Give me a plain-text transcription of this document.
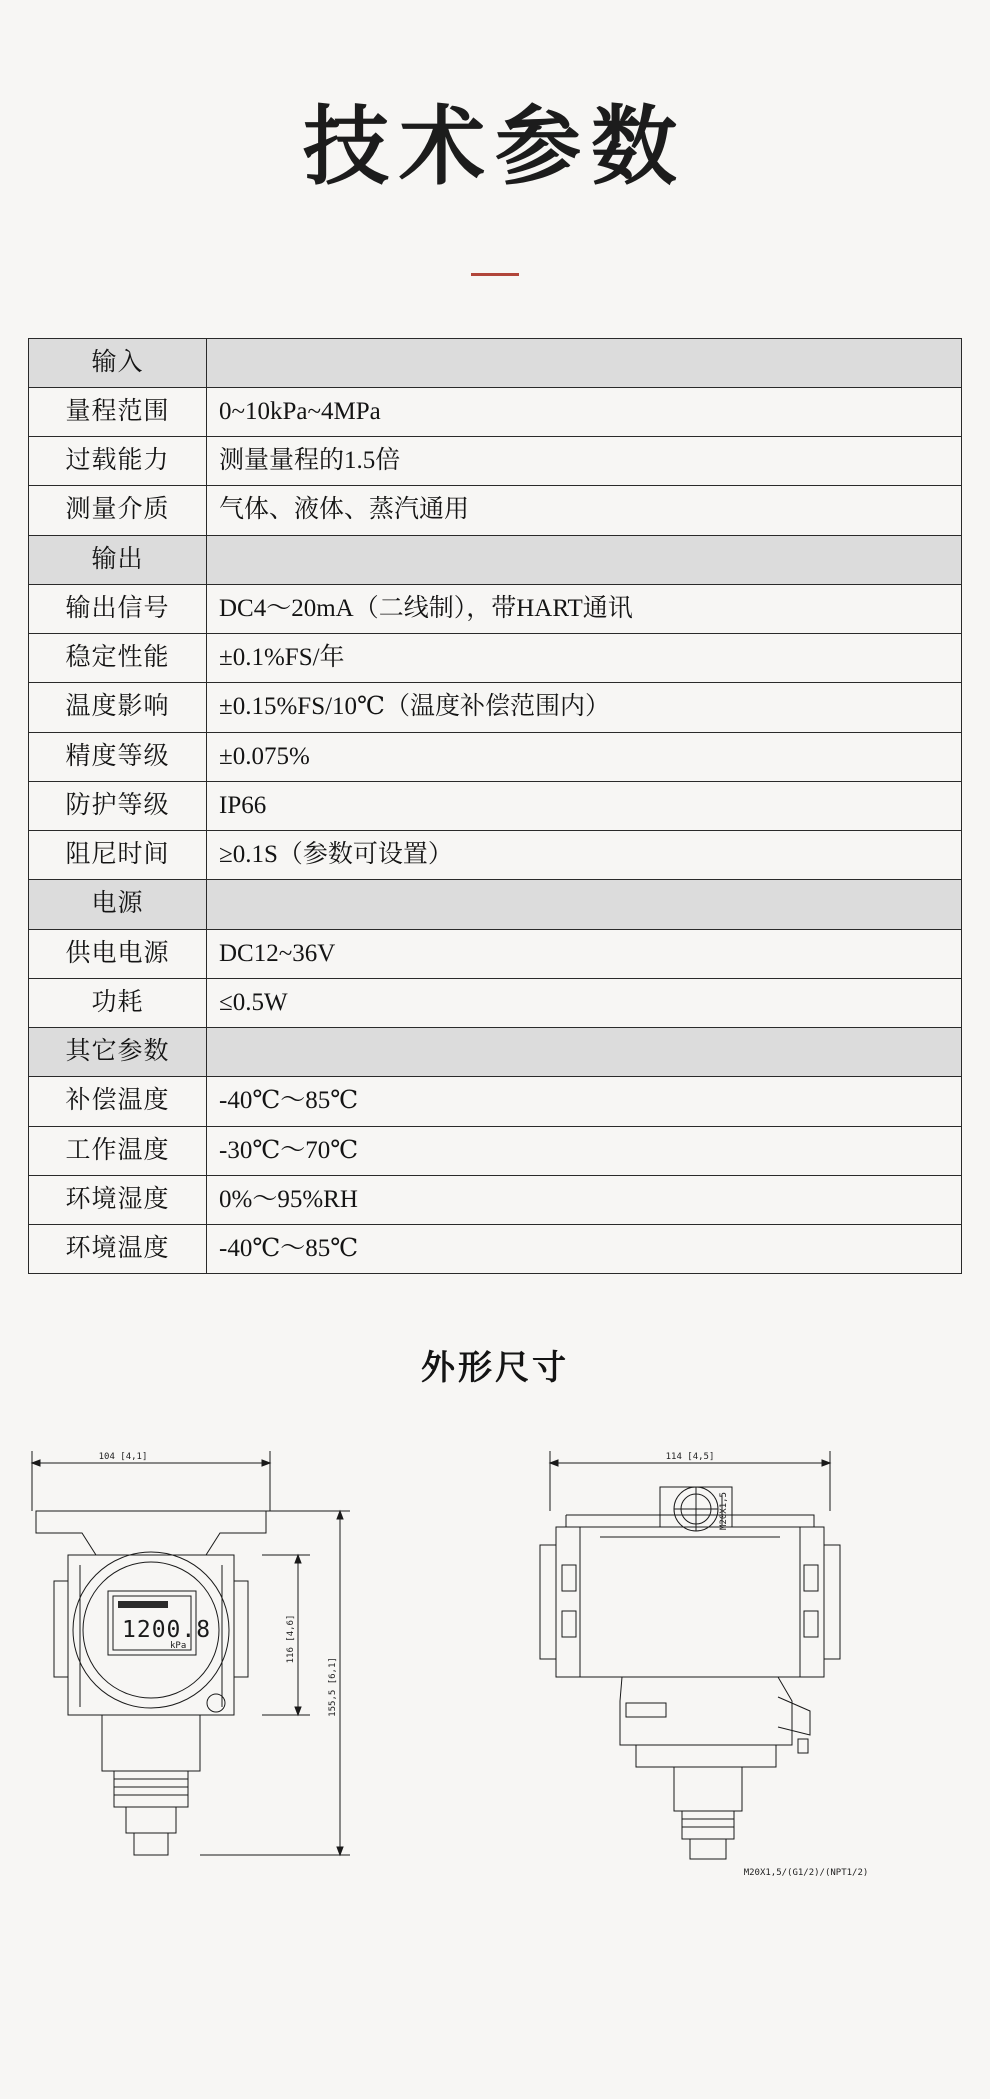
技术参数
输入	
量程范围	0~10kPa~4MPa
过载能力	测量量程的1.5倍
测量介质	气体、液体、蒸汽通用
输出	
输出信号	DC4～20mA（二线制），带HART通讯
稳定性能	±0.1%FS/年
温度影响	±0.15%FS/10℃（温度补偿范围内）
精度等级	±0.075%
防护等级	IP66
阻尼时间	≥0.1S（参数可设置）
电源	
供电电源	DC12~36V
功耗	≤0.5W
其它参数	
补偿温度	-40℃～85℃
工作温度	-30℃～70℃
环境湿度	0%～95%RH
环境温度	-40℃～85℃
外形尺寸
1200.8
kPa
104 [4,1]
116 [4,6]
155,5 [6,1]
114 [4,5]
M20X1,5
M20X1,5/(G1/2)/(NPT1/2)
